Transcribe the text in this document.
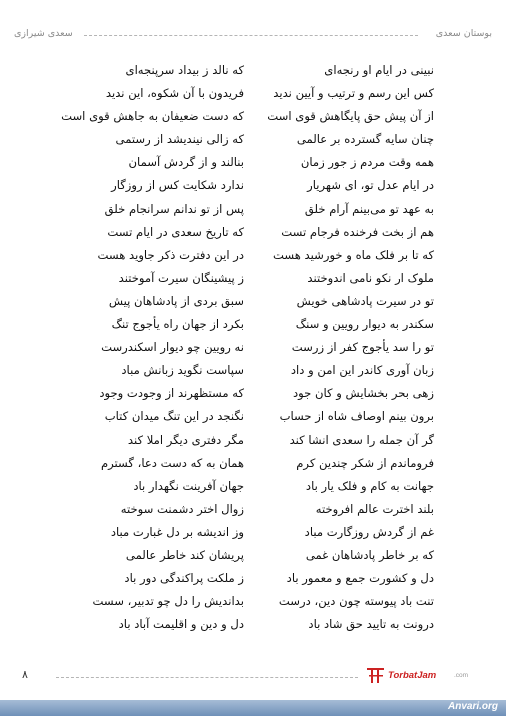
بوستان سعدی
سعدی شیرازی
نبینی در ایام او رنجه‌ای
که نالد ز بیداد سرپنجه‌ای
کس این رسم و ترتیب و آیین ندید
فریدون با آن شکوه، این ندید
از آن پیش حق پایگاهش قوی است
که دست ضعیفان به جاهش قوی است
چنان سایه گسترده بر عالمی
که زالی نیندیشد از رستمی
همه وقت مردم ز جور زمان
بنالند و از گردش آسمان
در ایام عدل تو، ای شهریار
ندارد شکایت کس از روزگار
به عهد تو می‌بینم آرام خلق
پس از تو ندانم سرانجام خلق
هم از بخت فرخنده فرجام تست
که تاریخ سعدی در ایام تست
که تا بر فلک ماه و خورشید هست
در این دفترت ذکر جاوید هست
ملوک ار نکو نامی اندوختند
ز پیشینگان سیرت آموختند
تو در سیرت پادشاهی خویش
سبق بردی از پادشاهان پیش
سکندر به دیوار رویین و سنگ
بکرد از جهان راه یأجوج تنگ
تو را سد یأجوج کفر از زرست
نه رویین چو دیوار اسکندرست
زبان آوری کاندر این امن و داد
سپاست نگوید زبانش مباد
زهی بحر بخشایش و کان جود
که مستظهرند از وجودت وجود
برون بینم اوصاف شاه از حساب
نگنجد در این تنگ میدان کتاب
گر آن جمله را سعدی انشا کند
مگر دفتری دیگر املا کند
فروماندم از شکر چندین کرم
همان به که دست دعا، گسترم
جهانت به کام و فلک یار باد
جهان آفرینت نگهدار باد
بلند اخترت عالم افروخته
زوال اختر دشمنت سوخته
غم از گردش روزگارت مباد
وز اندیشه بر دل غبارت مباد
که بر خاطر پادشاهان غمی
پریشان کند خاطر عالمی
دل و کشورت جمع و معمور باد
ز ملکت پراکندگی دور باد
تنت باد پیوسته چون دین، درست
بداندیش را دل چو تدبیر، سست
درونت به تایید حق شاد باد
دل و دین و اقلیمت آباد باد
۸	TorbatJam	.com
Anvari.org
